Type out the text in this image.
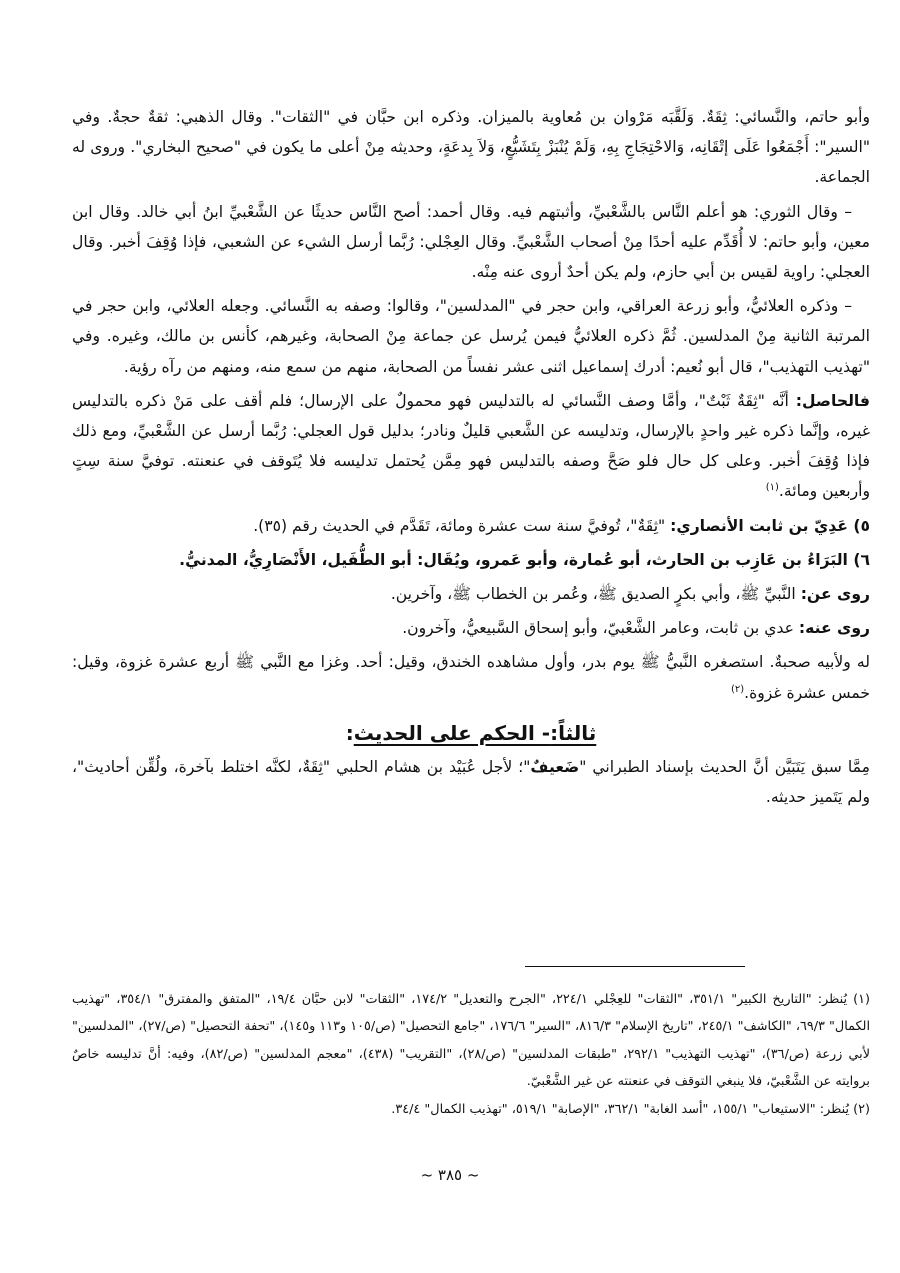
وأبو حاتم، والنَّسائي: ثِقَةٌ. وَلَقَّبَه مَرْوان بن مُعاوية بالميزان. وذكره ابن حبَّان في "الثقات". وقال الذهبي: ثقةٌ حجةٌ. وفي "السير": أَجْمَعُوا عَلَى إتْقَانِه، وَالاحْتِجَاجِ بِهِ، وَلَمْ يُنْبَزْ بِتَشَيُّعٍ، وَلاَ بِدعَةٍ، وحديثه مِنْ أعلى ما يكون في "صحيح البخاري". وروى له الجماعة.

– وقال الثوري: هو أعلم النَّاس بالشَّعْبيِّ، وأثبتهم فيه. وقال أحمد: أصح النَّاس حديثًا عن الشَّعْبيِّ ابنُ أبي خالد. وقال ابن معين، وأبو حاتم: لا أُقَدِّم عليه أحدًا مِنْ أصحاب الشَّعْبيِّ. وقال العِجْلي: رُبَّما أرسل الشيء عن الشعبي، فإذا وُقِفَ أخبر. وقال العجلي: راوية لقيس بن أبي حازم، ولم يكن أحدٌ أروى عنه مِنْه.

– وذكره العلائيُّ، وأبو زرعة العراقي، وابن حجر في "المدلسين"، وقالوا: وصفه به النَّسائي. وجعله العلائي، وابن حجر في المرتبة الثانية مِنْ المدلسين. ثُمَّ ذكره العلائيُّ فيمن يُرسل عن جماعة مِنْ الصحابة، وغيرهم، كأنس بن مالك، وغيره. وفي "تهذيب التهذيب"، قال أبو نُعيم: أدرك إسماعيل اثنى عشر نفساً من الصحابة، منهم من سمع منه، ومنهم من رآه رؤية.

فالحاصل: أنَّه "ثِقَةٌ ثَبْتٌ"، وأمَّا وصف النَّسائي له بالتدليس فهو محمولٌ على الإرسال؛ فلم أقف على مَنْ ذكره بالتدليس غيره، وإنَّما ذكره غير واحدٍ بالإرسال، وتدليسه عن الشَّعبي قليلٌ ونادر؛ بدليل قول العجلي: رُبَّما أرسل عن الشَّعْبيِّ، ومع ذلك فإذا وُقِفَ أخبر. وعلى كل حال فلو صَحَّ وصفه بالتدليس فهو مِمَّن يُحتمل تدليسه فلا يُتَوقف في عنعنته. توفيَّ سنة سِتٍ وأربعين ومائة.$^{(١)}$

٥) عَدِيّ بن ثابت الأنصاري: "ثِقَةٌ"، تُوفيَّ سنة ست عشرة ومائة، تَقَدَّم في الحديث رقم (٣٥).

٦) البَرَاءُ بن عَازِب بن الحارث، أبو عُمارة، وأبو عَمرو، ويُقَال: أبو الطُّفَيل، الأَنْصَارِيُّ، المدنيُّ.

روى عن: النَّبيِّ ﷺ، وأبي بكرٍ الصديق ﷺ، وعُمر بن الخطاب ﷺ، وآخرين.

روى عنه: عدي بن ثابت، وعامر الشَّعْبيّ، وأبو إسحاق السَّبيعيُّ، وآخرون.

له ولأبيه صحبةٌ. استصغره النَّبيُّ ﷺ يوم بدر، وأول مشاهده الخندق، وقيل: أحد. وغزا مع النَّبي ﷺ أربع عشرة غزوة، وقيل: خمس عشرة غزوة.$^{(٢)}$

ثالثاً:- الحكم على الحديث:

مِمَّا سبق يَتَبَيَّن أنَّ الحديث بإسناد الطبراني "ضَعيفٌ"؛ لأجل عُبَيْد بن هشام الحلبي "ثِقَةٌ، لكنَّه اختلط بآخرة، ولُقِّن أحاديث"، ولم يَتَميز حديثه.

(١) يُنظر: "التاريخ الكبير" ٣٥١/١، "الثقات" للعِجْلي ٢٢٤/١، "الجرح والتعديل" ١٧٤/٢، "الثقات" لابن حبَّان ١٩/٤، "المتفق والمفترق" ٣٥٤/١، "تهذيب الكمال" ٦٩/٣، "الكاشف" ٢٤٥/١، "تاريخ الإسلام" ٨١٦/٣، "السير" ١٧٦/٦، "جامع التحصيل" (ص/١٠٥ و١١٣ و١٤٥)، "تحفة التحصيل" (ص/٢٧)، "المدلسين" لأبي زرعة (ص/٣٦)، "تهذيب التهذيب" ٢٩٢/١، "طبقات المدلسين" (ص/٢٨)، "التقريب" (٤٣٨)، "معجم المدلسين" (ص/٨٢)، وفيه: أنَّ تدليسه خاصٌ بروايته عن الشَّعْبيّ، فلا ينبغي التوقف في عنعنته عن غير الشَّعْبيّ.

(٢) يُنظر: "الاستيعاب" ١٥٥/١، "أسد الغابة" ٣٦٢/١، "الإصابة" ٥١٩/١، "تهذيب الكمال" ٣٤/٤.

~ ٣٨٥ ~
